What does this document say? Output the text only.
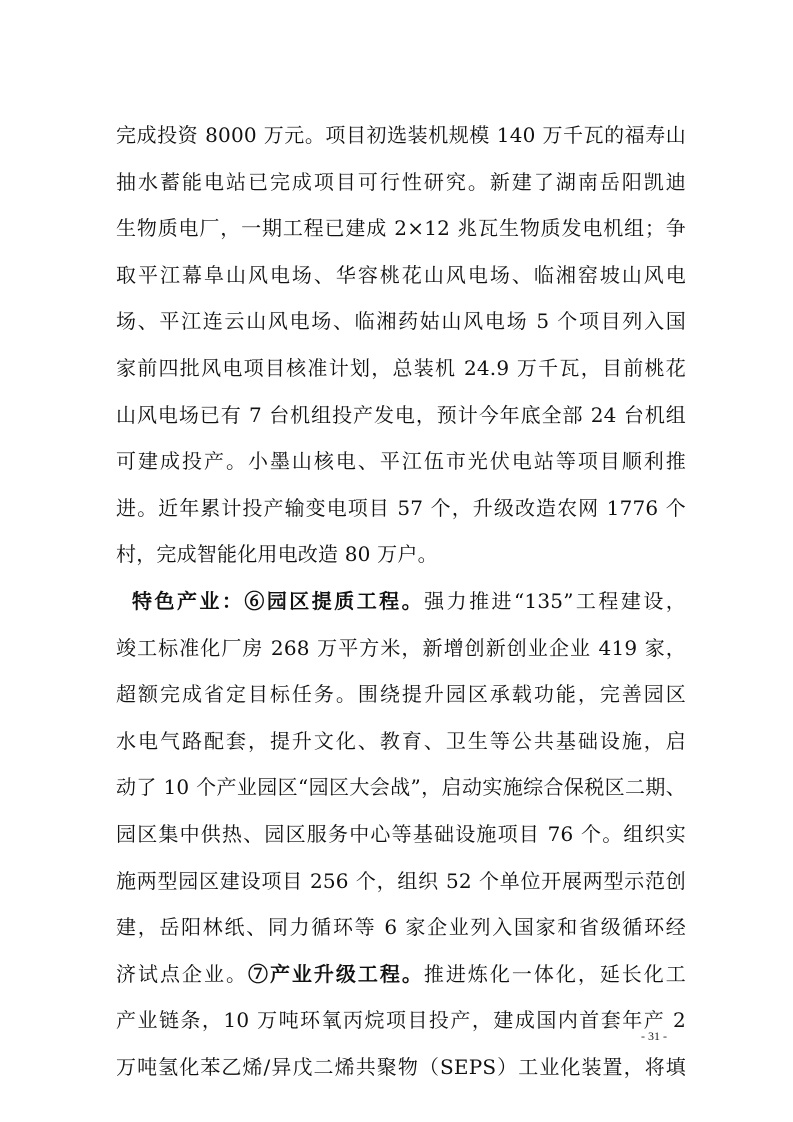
完成投资 8000 万元。项目初选装机规模 140 万千瓦的福寿山
抽水蓄能电站已完成项目可行性研究。新建了湖南岳阳凯迪
生物质电厂，一期工程已建成 2×12 兆瓦生物质发电机组；争
取平江幕阜山风电场、华容桃花山风电场、临湘窑坡山风电
场、平江连云山风电场、临湘药姑山风电场 5 个项目列入国
家前四批风电项目核准计划，总装机 24.9 万千瓦，目前桃花
山风电场已有 7 台机组投产发电，预计今年底全部 24 台机组
可建成投产。小墨山核电、平江伍市光伏电站等项目顺利推
进。近年累计投产输变电项目 57 个，升级改造农网 1776 个
村，完成智能化用电改造 80 万户。
特色产业：⑥园区提质工程。强力推进“135”工程建设，
竣工标准化厂房 268 万平方米，新增创新创业企业 419 家，
超额完成省定目标任务。围绕提升园区承载功能，完善园区
水电气路配套，提升文化、教育、卫生等公共基础设施，启
动了 10 个产业园区“园区大会战”，启动实施综合保税区二期、
园区集中供热、园区服务中心等基础设施项目 76 个。组织实
施两型园区建设项目 256 个，组织 52 个单位开展两型示范创
建，岳阳林纸、同力循环等 6 家企业列入国家和省级循环经
济试点企业。⑦产业升级工程。推进炼化一体化，延长化工
产业链条，10 万吨环氧丙烷项目投产，建成国内首套年产 2
万吨氢化苯乙烯/异戊二烯共聚物（SEPS）工业化装置，将填
- 31 -
